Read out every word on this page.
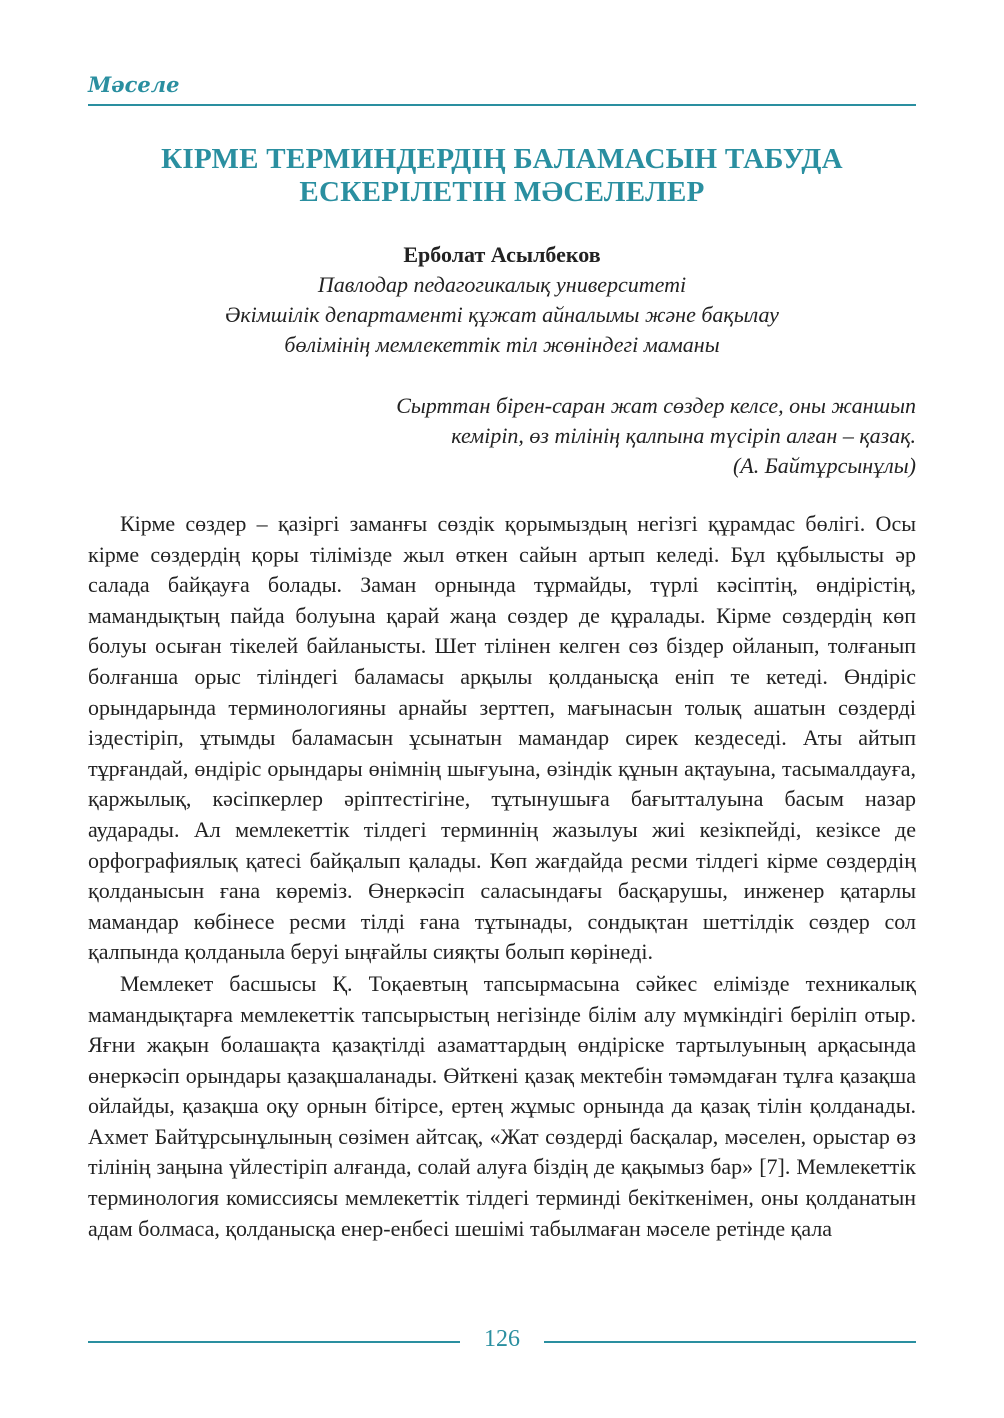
Мәселе
КІРМЕ ТЕРМИНДЕРДІҢ БАЛАМАСЫН ТАБУДА
ЕСКЕРІЛЕТІН МӘСЕЛЕЛЕР
Ерболат Асылбеков
Павлодар педагогикалық университеті
Әкімшілік департаменті құжат айналымы және бақылау
бөлімінің мемлекеттік тіл жөніндегі маманы
Сырттан бірен-саран жат сөздер келсе, оны жаншып
кеміріп, өз тілінің қалпына түсіріп алған – қазақ.
(А. Байтұрсынұлы)

Кірме сөздер – қазіргі заманғы сөздік қорымыздың негізгі құрамдас бөлігі. Осы кірме сөздердің қоры тілімізде жыл өткен сайын артып келеді. Бұл құбылысты әр салада байқауға болады. Заман орнында тұрмайды, түрлі кәсіптің, өндірістің, мамандықтың пайда болуына қарай жаңа сөздер де құралады. Кірме сөздердің көп болуы осыған тікелей байланысты. Шет тілінен келген сөз біздер ойланып, толғанып болғанша орыс тіліндегі баламасы арқылы қолданысқа еніп те кетеді. Өндіріс орындарында терминологияны арнайы зерттеп, мағынасын толық ашатын сөздерді іздестіріп, ұтымды баламасын ұсынатын мамандар сирек кездеседі. Аты айтып тұрғандай, өндіріс орындары өнімнің шығуына, өзіндік құнын ақтауына, тасымалдауға, қаржылық, кәсіпкерлер әріптестігіне, тұтынушыға бағытталуына басым назар аударады. Ал мемлекеттік тілдегі терминнің жазылуы жиі кезікпейді, кезіксе де орфографиялық қатесі байқалып қалады. Көп жағдайда ресми тілдегі кірме сөздердің қолданысын ғана көреміз. Өнеркәсіп саласындағы басқарушы, инженер қатарлы мамандар көбінесе ресми тілді ғана тұтынады, сондықтан шеттілдік сөздер сол қалпында қолданыла беруі ыңғайлы сияқты болып көрінеді.

Мемлекет басшысы Қ. Тоқаевтың тапсырмасына сәйкес елімізде техникалық мамандықтарға мемлекеттік тапсырыстың негізінде білім алу мүмкіндігі беріліп отыр. Яғни жақын болашақта қазақтілді азаматтардың өндіріске тартылуының арқасында өнеркәсіп орындары қазақшаланады. Өйткені қазақ мектебін тәмәмдаған тұлға қазақша ойлайды, қазақша оқу орнын бітірсе, ертең жұмыс орнында да қазақ тілін қолданады. Ахмет Байтұрсынұлының сөзімен айтсақ, «Жат сөздерді басқалар, мәселен, орыстар өз тілінің заңына үйлестіріп алғанда, солай алуға біздің де қақымыз бар» [7]. Мемлекеттік терминология комиссиясы мемлекеттік тілдегі терминді бекіткенімен, оны қолданатын адам болмаса, қолданысқа енер-енбесі шешімі табылмаған мәселе ретінде қала

126
